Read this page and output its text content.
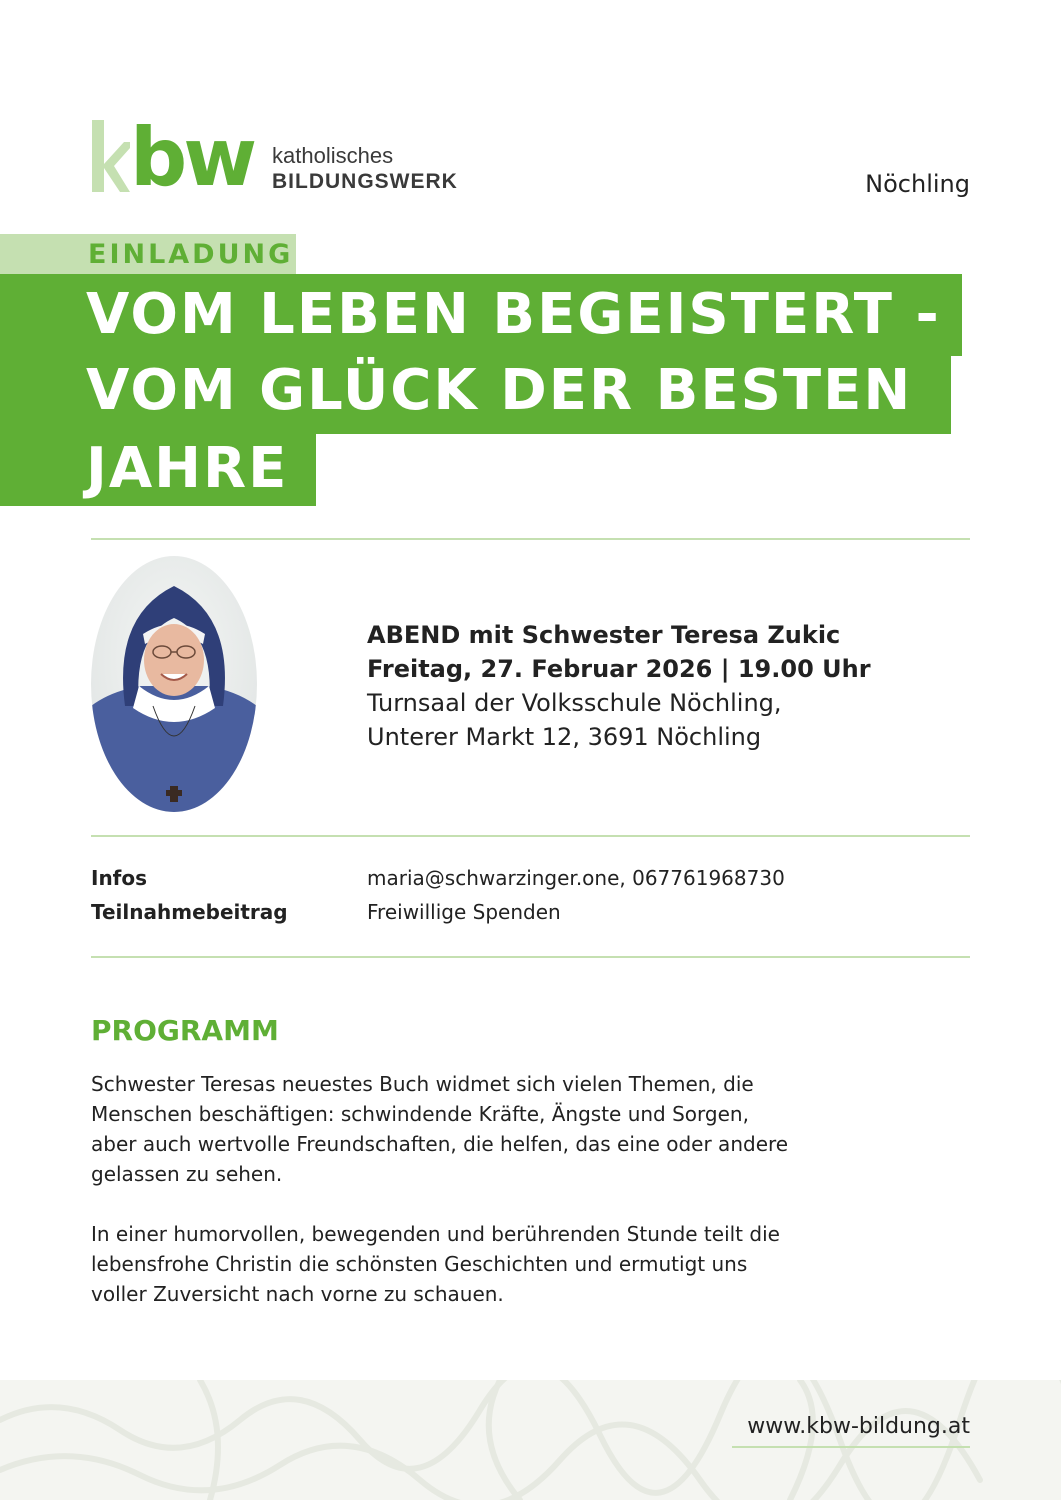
bw katholisches
BILDUNGSWERK	Nöchling
EINLADUNG
VOM LEBEN BEGEISTERT -
VOM GLÜCK DER BESTEN
JAHRE
ABEND mit Schwester Teresa Zukic
Freitag, 27. Februar 2026 | 19.00 Uhr
Turnsaal der Volksschule Nöchling,
Unterer Markt 12, 3691 Nöchling
Infos	maria@schwarzinger.one, 067761968730
Teilnahmebeitrag	Freiwillige Spenden
PROGRAMM
Schwester Teresas neuestes Buch widmet sich vielen Themen, die
Menschen beschäftigen: schwindende Kräfte, Ängste und Sorgen,
aber auch wertvolle Freundschaften, die helfen, das eine oder andere
gelassen zu sehen.
In einer humorvollen, bewegenden und berührenden Stunde teilt die
lebensfrohe Christin die schönsten Geschichten und ermutigt uns
voller Zuversicht nach vorne zu schauen.
www.kbw-bildung.at
